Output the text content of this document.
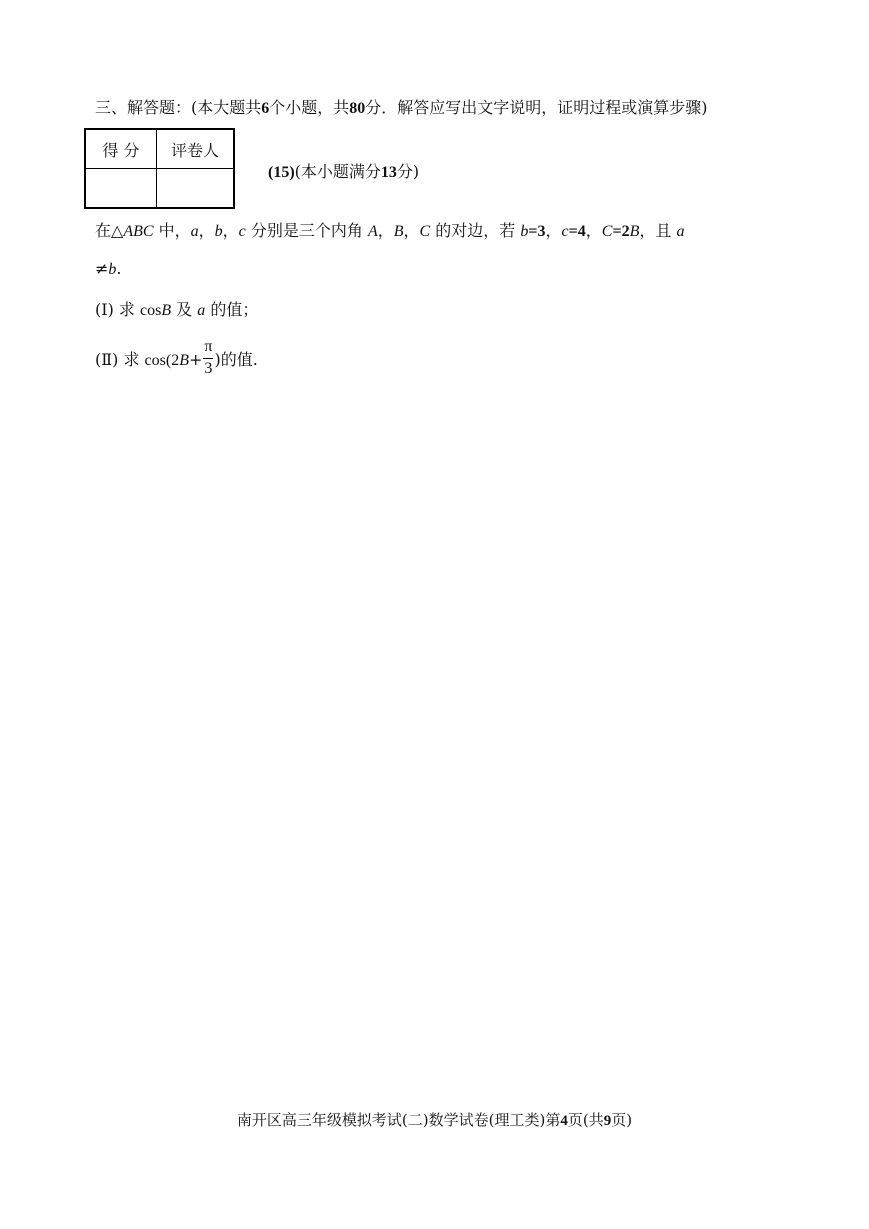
三、解答题：(本大题共6个小题，共80分．解答应写出文字说明，证明过程或演算步骤)
得 分	评卷人

(15)(本小题满分13分)
在△ABC 中，a，b，c 分别是三个内角 A，B，C 的对边，若 b=3，c=4，C=2B，且 a
≠b.
(Ⅰ) 求 cosB 及 a 的值；
(Ⅱ) 求 $\cos(2B+ \frac{\pi}{3}$ )的值.
南开区高三年级模拟考试(二)数学试卷(理工类)第4页(共9页)
